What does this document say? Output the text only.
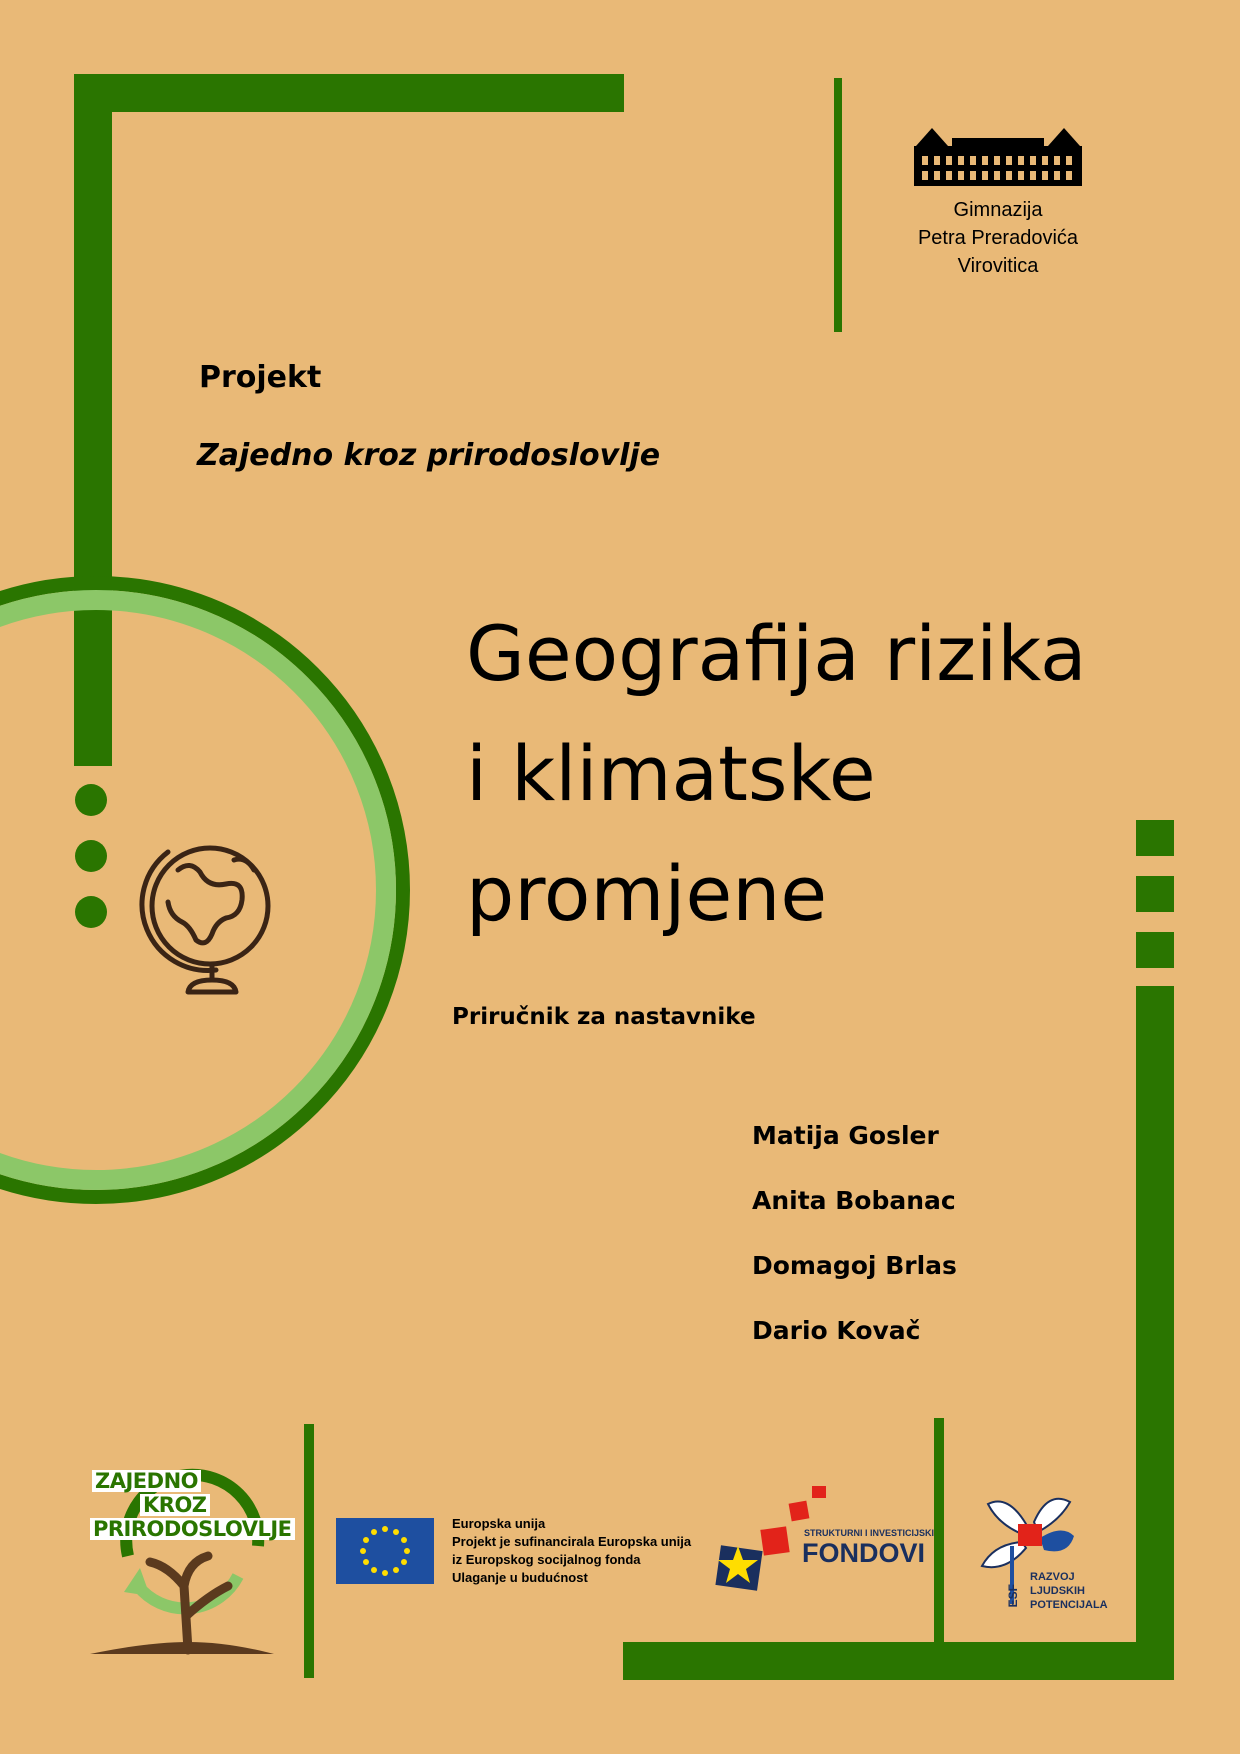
Gimnazija
Petra Preradovića
Virovitica
Projekt
Zajedno kroz prirodoslovlje
Geografija rizika
i klimatske
promjene
Priručnik za nastavnike
Matija Gosler
Anita Bobanac
Domagoj Brlas
Dario Kovač
ZAJEDNO
KROZ
PRIRODOSLOVLJE	Europska unija
Projekt je sufinancirala Europska unija
iz Europskog socijalnog fonda
Ulaganje u budućnost
STRUKTURNI I INVESTICIJSKI
FONDOVI
ESF
RAZVOJ
LJUDSKIH
POTENCIJALA
